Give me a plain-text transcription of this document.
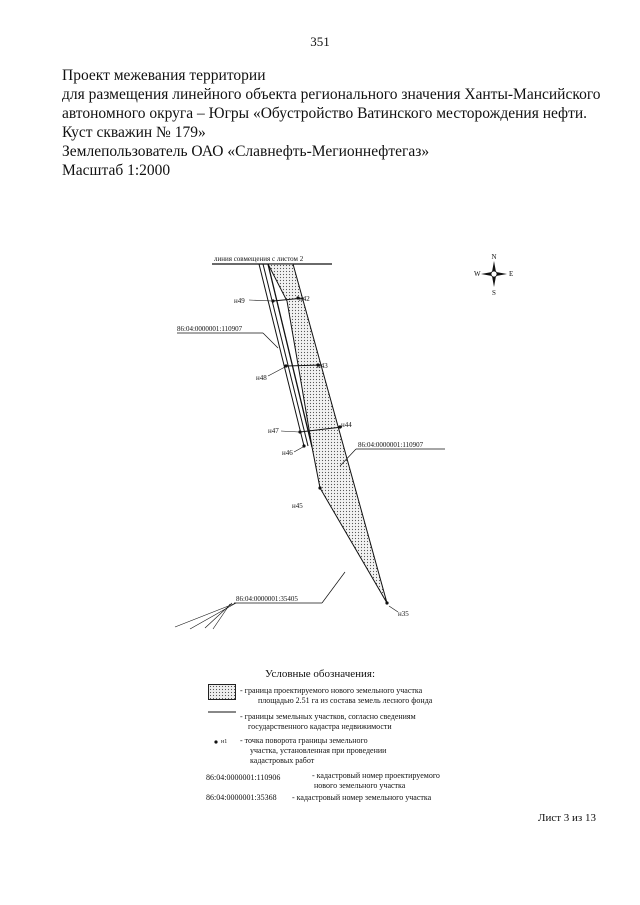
351
Проект межевания территории
для размещения линейного объекта регионального значения Ханты-Мансийского
автономного округа – Югры «Обустройство Ватинского месторождения нефти.
Куст скважин № 179»
Землепользователь ОАО «Славнефть-Мегионнефтегаз»
Масштаб 1:2000
линия совмещения с листом 2
н49	н42
н43
н48
н44
н47
н46
н45
н35
86:04:0000001:110907
86:04:0000001:110907
86:04:0000001:35405
N
S
E
W
Условные обозначения:
- граница проектируемого нового земельного участка
площадью 2.51 га из состава земель лесного фонда
- границы земельных участков, согласно сведениям
государственного кадастра недвижимости
н1 - точка поворота границы земельного
участка, установленная при проведении
кадастровых работ
86:04:0000001:110906	- кадастровый номер проектируемого
нового земельного участка
86:04:0000001:35368 - кадастровый номер земельного участка
Лист 3 из 13
